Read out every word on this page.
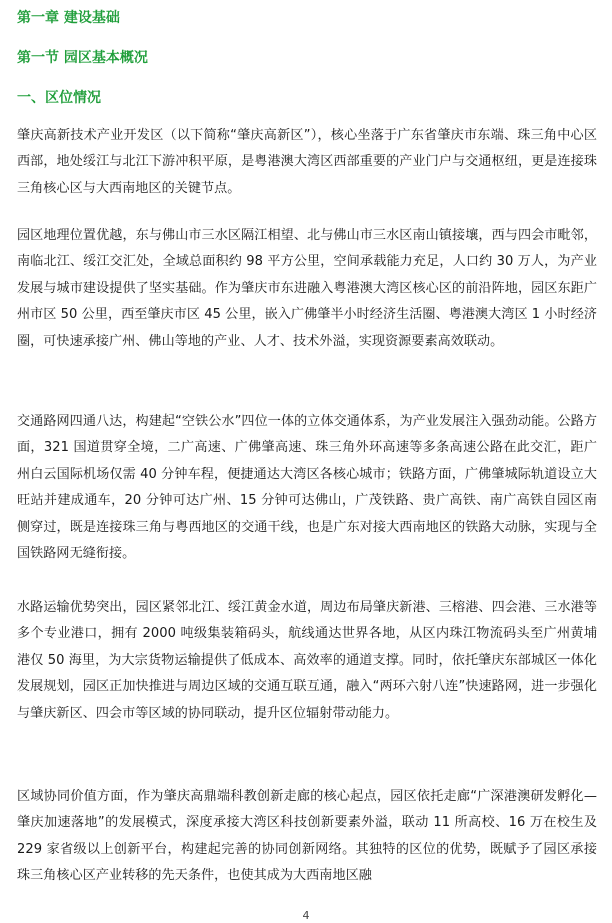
第一章 建设基础
第一节 园区基本概况
一、区位情况

肇庆高新技术产业开发区（以下简称“肇庆高新区”），核心坐落于广东省肇庆市东端、珠三角中心区西部，地处绥江与北江下游冲积平原，是粤港澳大湾区西部重要的产业门户与交通枢纽，更是连接珠三角核心区与大西南地区的关键节点。

园区地理位置优越，东与佛山市三水区隔江相望、北与佛山市三水区南山镇接壤，西与四会市毗邻，南临北江、绥江交汇处，全域总面积约 98 平方公里，空间承载能力充足，人口约 30 万人，为产业发展与城市建设提供了坚实基础。作为肇庆市东进融入粤港澳大湾区核心区的前沿阵地，园区东距广州市区 50 公里，西至肇庆市区 45 公里，嵌入广佛肇半小时经济生活圈、粤港澳大湾区 1 小时经济圈，可快速承接广州、佛山等地的产业、人才、技术外溢，实现资源要素高效联动。

交通路网四通八达，构建起“空铁公水”四位一体的立体交通体系，为产业发展注入强劲动能。公路方面，321 国道贯穿全境，二广高速、广佛肇高速、珠三角外环高速等多条高速公路在此交汇，距广州白云国际机场仅需 40 分钟车程，便捷通达大湾区各核心城市；铁路方面，广佛肇城际轨道设立大旺站并建成通车，20 分钟可达广州、15 分钟可达佛山，广茂铁路、贵广高铁、南广高铁自园区南侧穿过，既是连接珠三角与粤西地区的交通干线，也是广东对接大西南地区的铁路大动脉，实现与全国铁路网无缝衔接。

水路运输优势突出，园区紧邻北江、绥江黄金水道，周边布局肇庆新港、三榕港、四会港、三水港等多个专业港口，拥有 2000 吨级集装箱码头，航线通达世界各地，从区内珠江物流码头至广州黄埔港仅 50 海里，为大宗货物运输提供了低成本、高效率的通道支撑。同时，依托肇庆东部城区一体化发展规划，园区正加快推进与周边区域的交通互联互通，融入“两环六射八连”快速路网，进一步强化与肇庆新区、四会市等区域的协同联动，提升区位辐射带动能力。

区域协同价值方面，作为肇庆高鼎端科教创新走廊的核心起点，园区依托走廊“广深港澳研发孵化—肇庆加速落地”的发展模式，深度承接大湾区科技创新要素外溢，联动 11 所高校、16 万在校生及 229 家省级以上创新平台，构建起完善的协同创新网络。其独特的区位的优势，既赋予了园区承接珠三角核心区产业转移的先天条件，也使其成为大西南地区融

4
